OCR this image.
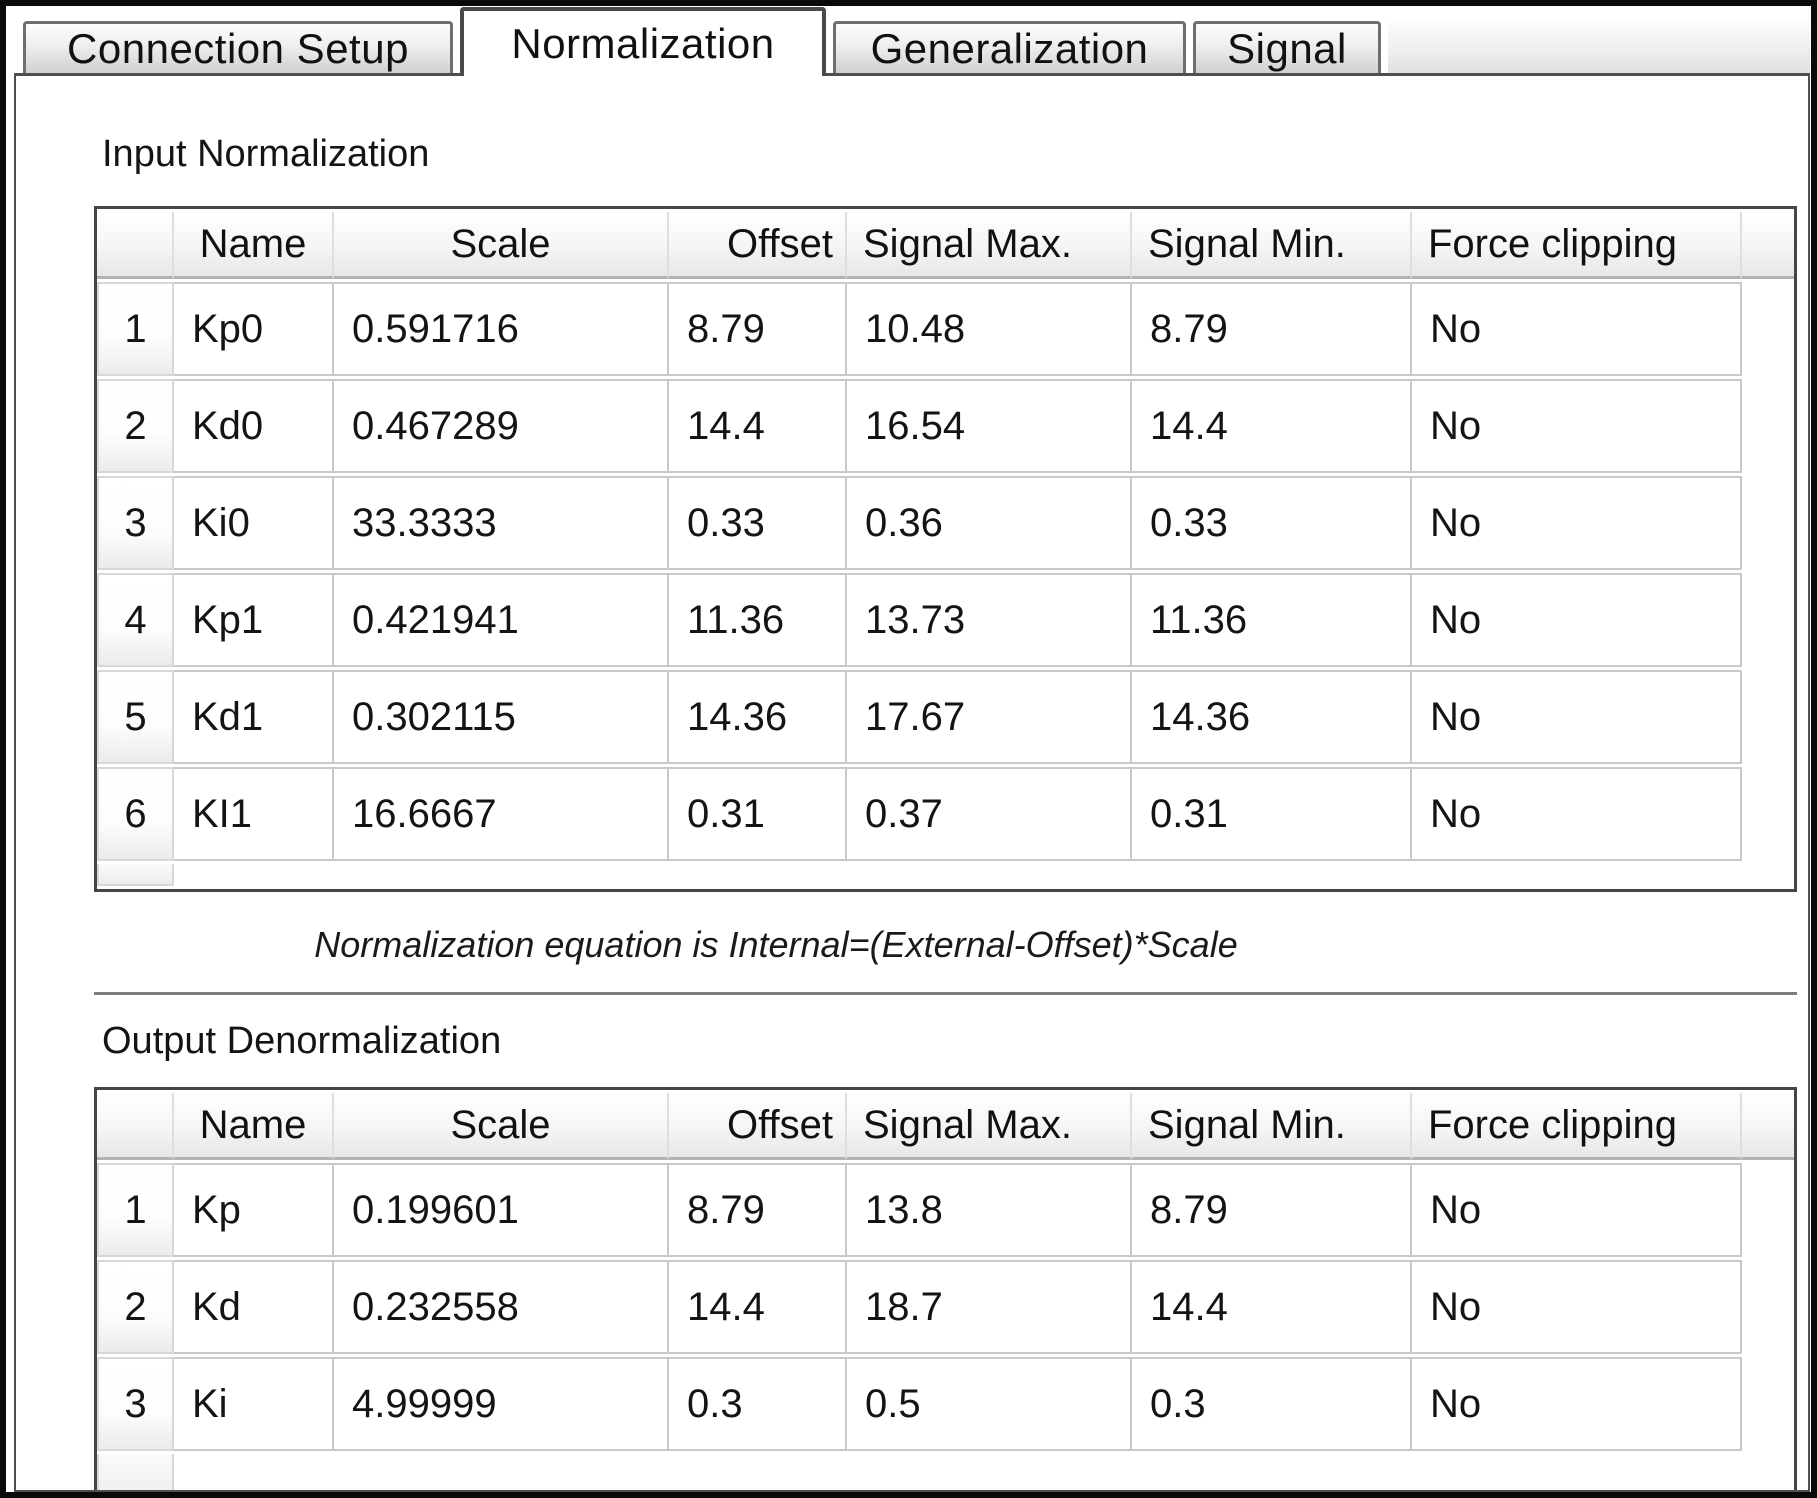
Connection Setup	Normalization	Generalization	Signal
Input Normalization
	Name	Scale	Offset	Signal Max.	Signal Min.	Force clipping	
1	Kp0	0.591716	8.79	10.48	8.79	No	
2	Kd0	0.467289	14.4	16.54	14.4	No	
3	Ki0	33.3333	0.33	0.36	0.33	No	
4	Kp1	0.421941	11.36	13.73	11.36	No	
5	Kd1	0.302115	14.36	17.67	14.36	No	
6	KI1	16.6667	0.31	0.37	0.31	No	

Normalization equation is Internal=(External-Offset)*Scale
Output Denormalization
	Name	Scale	Offset	Signal Max.	Signal Min.	Force clipping	
1	Kp	0.199601	8.79	13.8	8.79	No	
2	Kd	0.232558	14.4	18.7	14.4	No	
3	Ki	4.99999	0.3	0.5	0.3	No	
